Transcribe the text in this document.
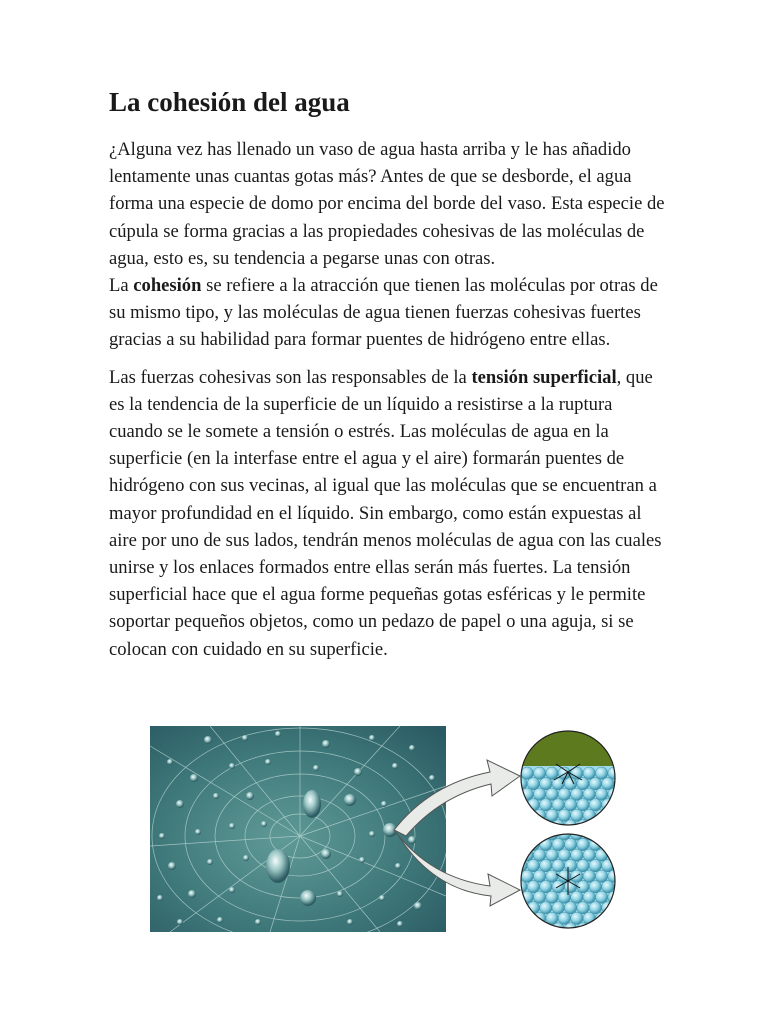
La cohesión del agua

¿Alguna vez has llenado un vaso de agua hasta arriba y le has añadido lentamente unas cuantas gotas más? Antes de que se desborde, el agua forma una especie de domo por encima del borde del vaso. Esta especie de cúpula se forma gracias a las propiedades cohesivas de las moléculas de agua, esto es, su tendencia a pegarse unas con otras.
La cohesión se refiere a la atracción que tienen las moléculas por otras de su mismo tipo, y las moléculas de agua tienen fuerzas cohesivas fuertes gracias a su habilidad para formar puentes de hidrógeno entre ellas.

Las fuerzas cohesivas son las responsables de la tensión superficial, que es la tendencia de la superficie de un líquido a resistirse a la ruptura cuando se le somete a tensión o estrés. Las moléculas de agua en la superficie (en la interfase entre el agua y el aire) formarán puentes de hidrógeno con sus vecinas, al igual que las moléculas que se encuentran a mayor profundidad en el líquido. Sin embargo, como están expuestas al aire por uno de sus lados, tendrán menos moléculas de agua con las cuales unirse y los enlaces formados entre ellas serán más fuertes. La tensión superficial hace que el agua forme pequeñas gotas esféricas y le permite soportar pequeños objetos, como un pedazo de papel o una aguja, si se colocan con cuidado en su superficie.
